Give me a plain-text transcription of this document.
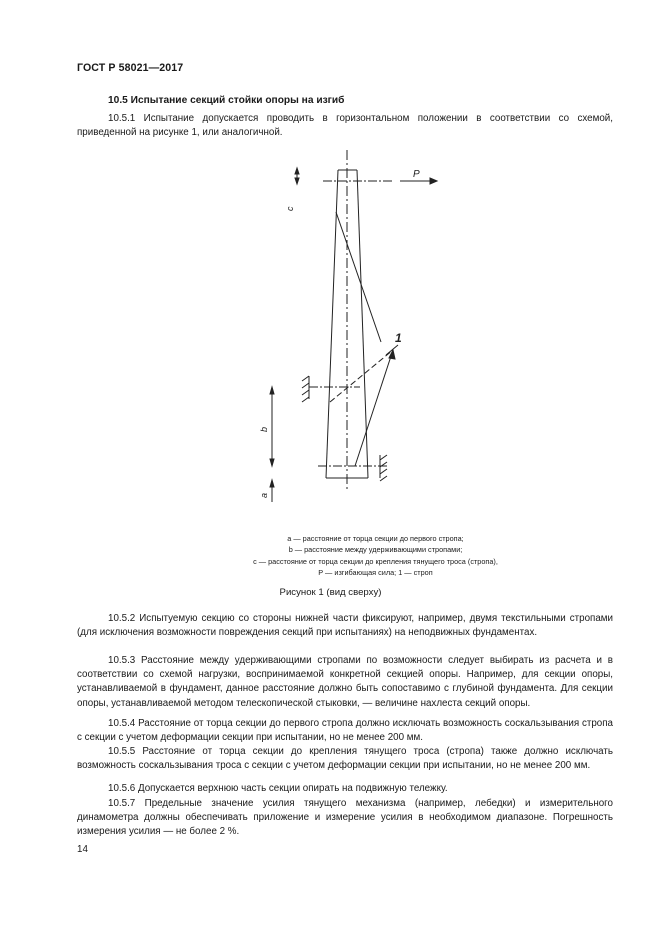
ГОСТ Р 58021—2017
10.5 Испытание секций стойки опоры на изгиб
10.5.1 Испытание допускается проводить в горизонтальном положении в соответствии со схемой, приведенной на рисунке 1, или аналогичной.
P
c
1
b
a
a — расстояние от торца секции до первого стропа;
b — расстояние между удерживающими стропами;
c — расстояние от торца секции до крепления тянущего троса (стропа),
P — изгибающая сила; 1 — строп
Рисунок 1 (вид сверху)
10.5.2 Испытуемую секцию со стороны нижней части фиксируют, например, двумя текстильными стропами (для исключения возможности повреждения секций при испытаниях) на неподвижных фундаментах.
10.5.3 Расстояние между удерживающими стропами по возможности следует выбирать из расчета и в соответствии со схемой нагрузки, воспринимаемой конкретной секцией опоры. Например, для секции опоры, устанавливаемой в фундамент, данное расстояние должно быть сопоставимо с глубиной фундамента. Для секции опоры, устанавливаемой методом телескопической стыковки, — величине нахлеста секций опоры.
10.5.4 Расстояние от торца секции до первого стропа должно исключать возможность соскальзывания стропа с секции с учетом деформации секции при испытании, но не менее 200 мм.
10.5.5 Расстояние от торца секции до крепления тянущего троса (стропа) также должно исключать возможность соскальзывания троса с секции с учетом деформации секции при испытании, но не менее 200 мм.
10.5.6 Допускается верхнюю часть секции опирать на подвижную тележку.
10.5.7 Предельные значение усилия тянущего механизма (например, лебедки) и измерительного динамометра должны обеспечивать приложение и измерение усилия в необходимом диапазоне. Погрешность измерения усилия — не более 2 %.
14
